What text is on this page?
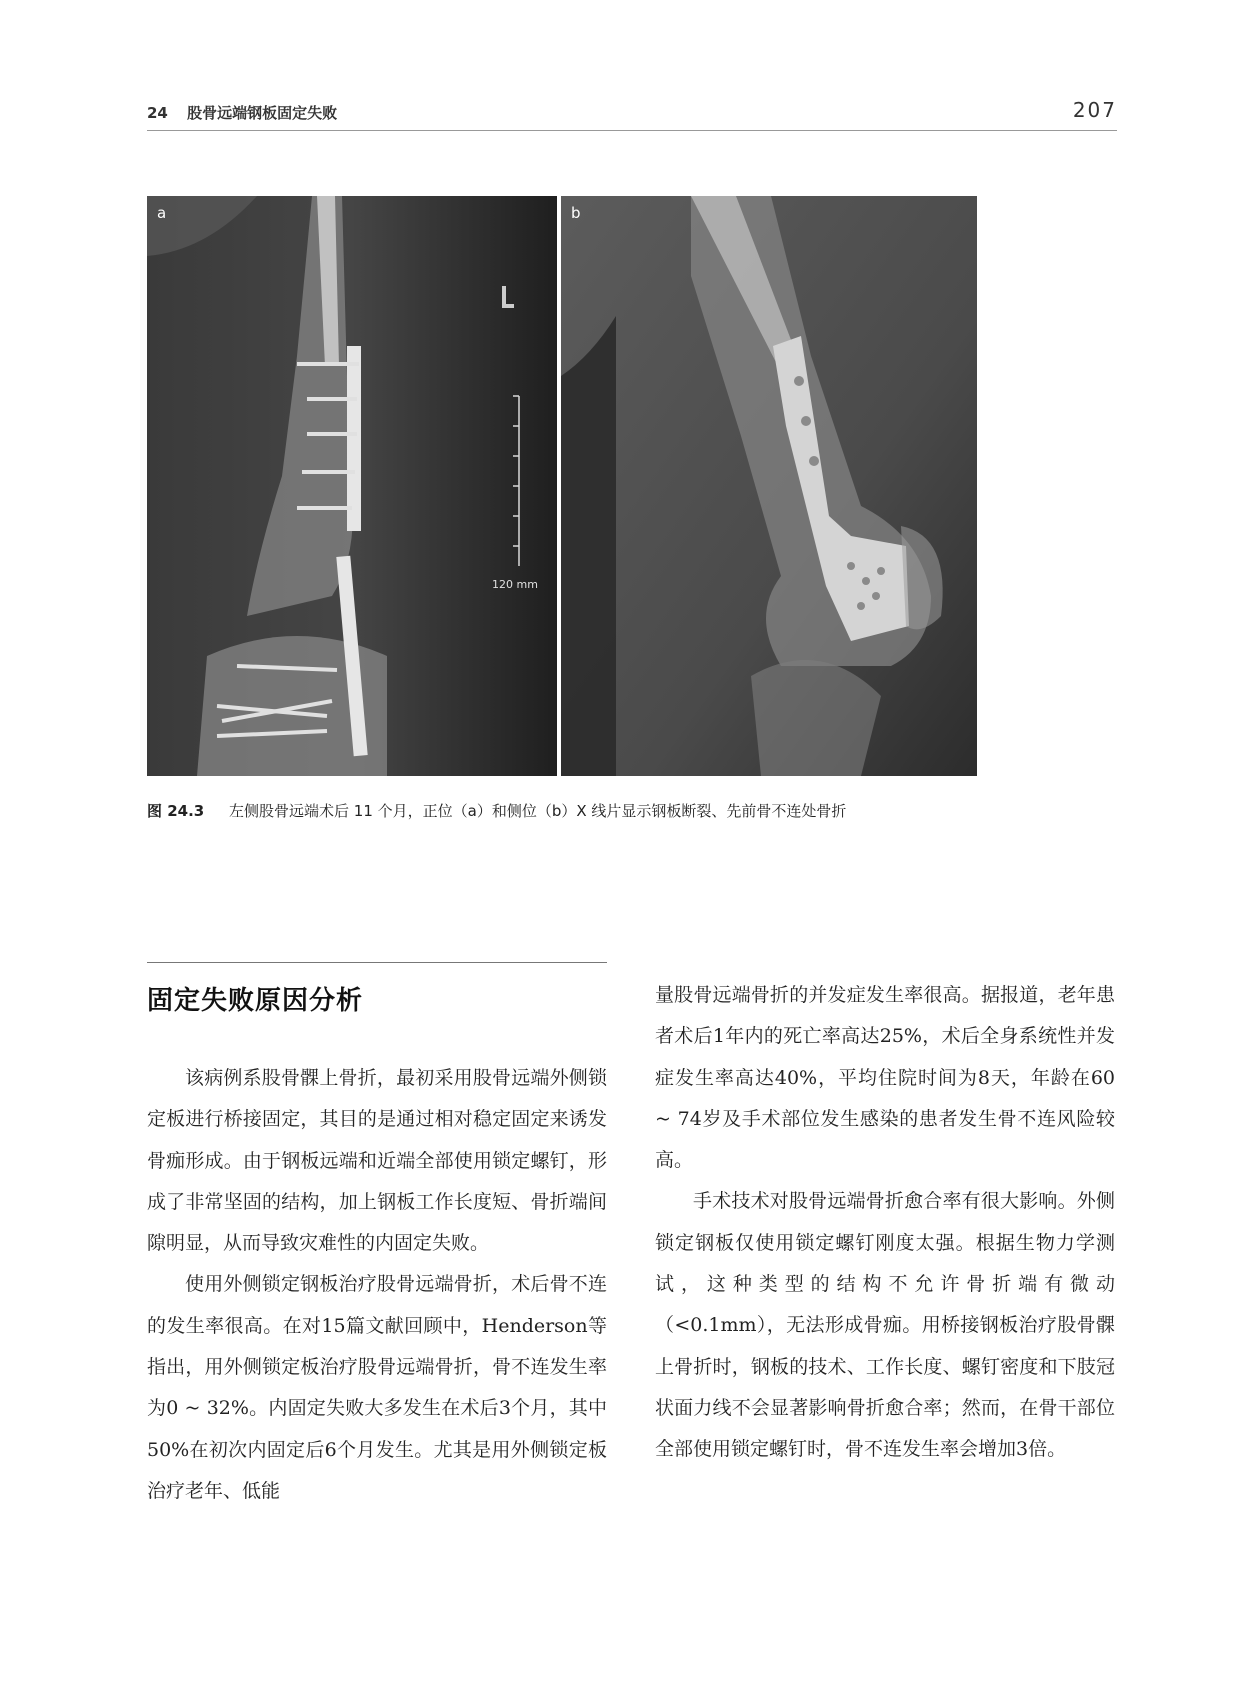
24 股骨远端钢板固定失败	207
120 mm
a	b
图 24.3 左侧股骨远端术后 11 个月，正位（a）和侧位（b）X 线片显示钢板断裂、先前骨不连处骨折
固定失败原因分析

该病例系股骨髁上骨折，最初采用股骨远端外侧锁定板进行桥接固定，其目的是通过相对稳定固定来诱发骨痂形成。由于钢板远端和近端全部使用锁定螺钉，形成了非常坚固的结构，加上钢板工作长度短、骨折端间隙明显，从而导致灾难性的内固定失败。

使用外侧锁定钢板治疗股骨远端骨折，术后骨不连的发生率很高。在对15篇文献回顾中，Henderson等指出，用外侧锁定板治疗股骨远端骨折，骨不连发生率为0 ~ 32%。内固定失败大多发生在术后3个月，其中50%在初次内固定后6个月发生。尤其是用外侧锁定板治疗老年、低能

量股骨远端骨折的并发症发生率很高。据报道，老年患者术后1年内的死亡率高达25%，术后全身系统性并发症发生率高达40%，平均住院时间为8天，年龄在60 ~ 74岁及手术部位发生感染的患者发生骨不连风险较高。

手术技术对股骨远端骨折愈合率有很大影响。外侧锁定钢板仅使用锁定螺钉刚度太强。根据生物力学测试，这种类型的结构不允许骨折端有微动（<0.1mm），无法形成骨痂。用桥接钢板治疗股骨髁上骨折时，钢板的技术、工作长度、螺钉密度和下肢冠状面力线不会显著影响骨折愈合率；然而，在骨干部位全部使用锁定螺钉时，骨不连发生率会增加3倍。
